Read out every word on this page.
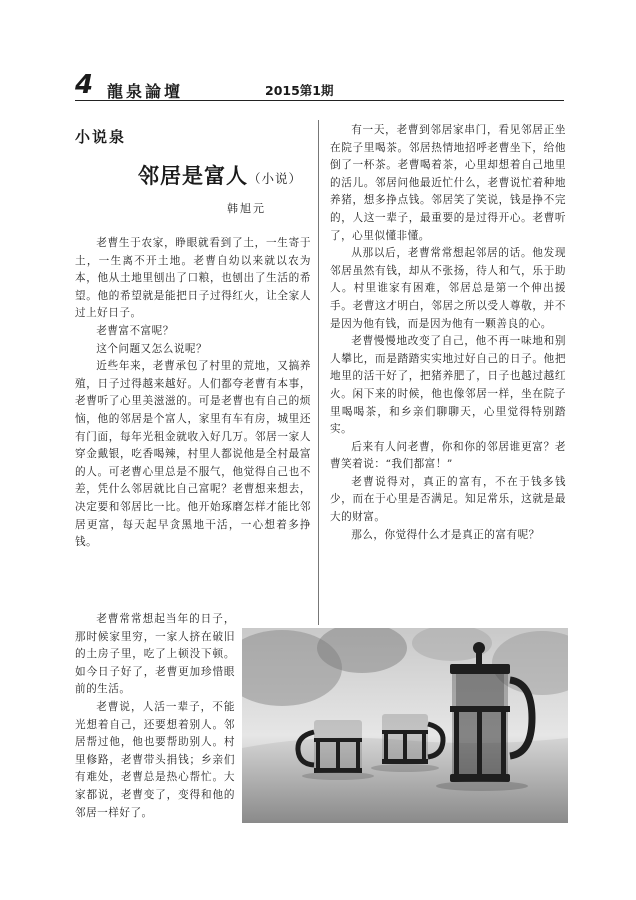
4 龍泉論壇	2015第1期
小说泉
邻居是富人（小说）
韩旭元

老曹生于农家，睁眼就看到了土，一生寄于土，一生离不开土地。老曹自幼以来就以农为本，他从土地里刨出了口粮，也刨出了生活的希望。他的希望就是能把日子过得红火，让全家人过上好日子。

老曹富不富呢？

这个问题又怎么说呢？

近些年来，老曹承包了村里的荒地，又搞养殖，日子过得越来越好。人们都夸老曹有本事，老曹听了心里美滋滋的。可是老曹也有自己的烦恼，他的邻居是个富人，家里有车有房，城里还有门面，每年光租金就收入好几万。邻居一家人穿金戴银，吃香喝辣，村里人都说他是全村最富的人。可老曹心里总是不服气，他觉得自己也不差，凭什么邻居就比自己富呢？老曹想来想去，决定要和邻居比一比。他开始琢磨怎样才能比邻居更富，每天起早贪黑地干活，一心想着多挣钱。

有一天，老曹到邻居家串门，看见邻居正坐在院子里喝茶。邻居热情地招呼老曹坐下，给他倒了一杯茶。老曹喝着茶，心里却想着自己地里的活儿。邻居问他最近忙什么，老曹说忙着种地养猪，想多挣点钱。邻居笑了笑说，钱是挣不完的，人这一辈子，最重要的是过得开心。老曹听了，心里似懂非懂。

从那以后，老曹常常想起邻居的话。他发现邻居虽然有钱，却从不张扬，待人和气，乐于助人。村里谁家有困难，邻居总是第一个伸出援手。老曹这才明白，邻居之所以受人尊敬，并不是因为他有钱，而是因为他有一颗善良的心。

老曹慢慢地改变了自己，他不再一味地和别人攀比，而是踏踏实实地过好自己的日子。他把地里的活干好了，把猪养肥了，日子也越过越红火。闲下来的时候，他也像邻居一样，坐在院子里喝喝茶，和乡亲们聊聊天，心里觉得特别踏实。

后来有人问老曹，你和你的邻居谁更富？老曹笑着说：“我们都富！”

老曹说得对，真正的富有，不在于钱多钱少，而在于心里是否满足。知足常乐，这就是最大的财富。

那么，你觉得什么才是真正的富有呢？

老曹常常想起当年的日子，那时候家里穷，一家人挤在破旧的土房子里，吃了上顿没下顿。如今日子好了，老曹更加珍惜眼前的生活。

老曹说，人活一辈子，不能光想着自己，还要想着别人。邻居帮过他，他也要帮助别人。村里修路，老曹带头捐钱；乡亲们有难处，老曹总是热心帮忙。大家都说，老曹变了，变得和他的邻居一样好了。
